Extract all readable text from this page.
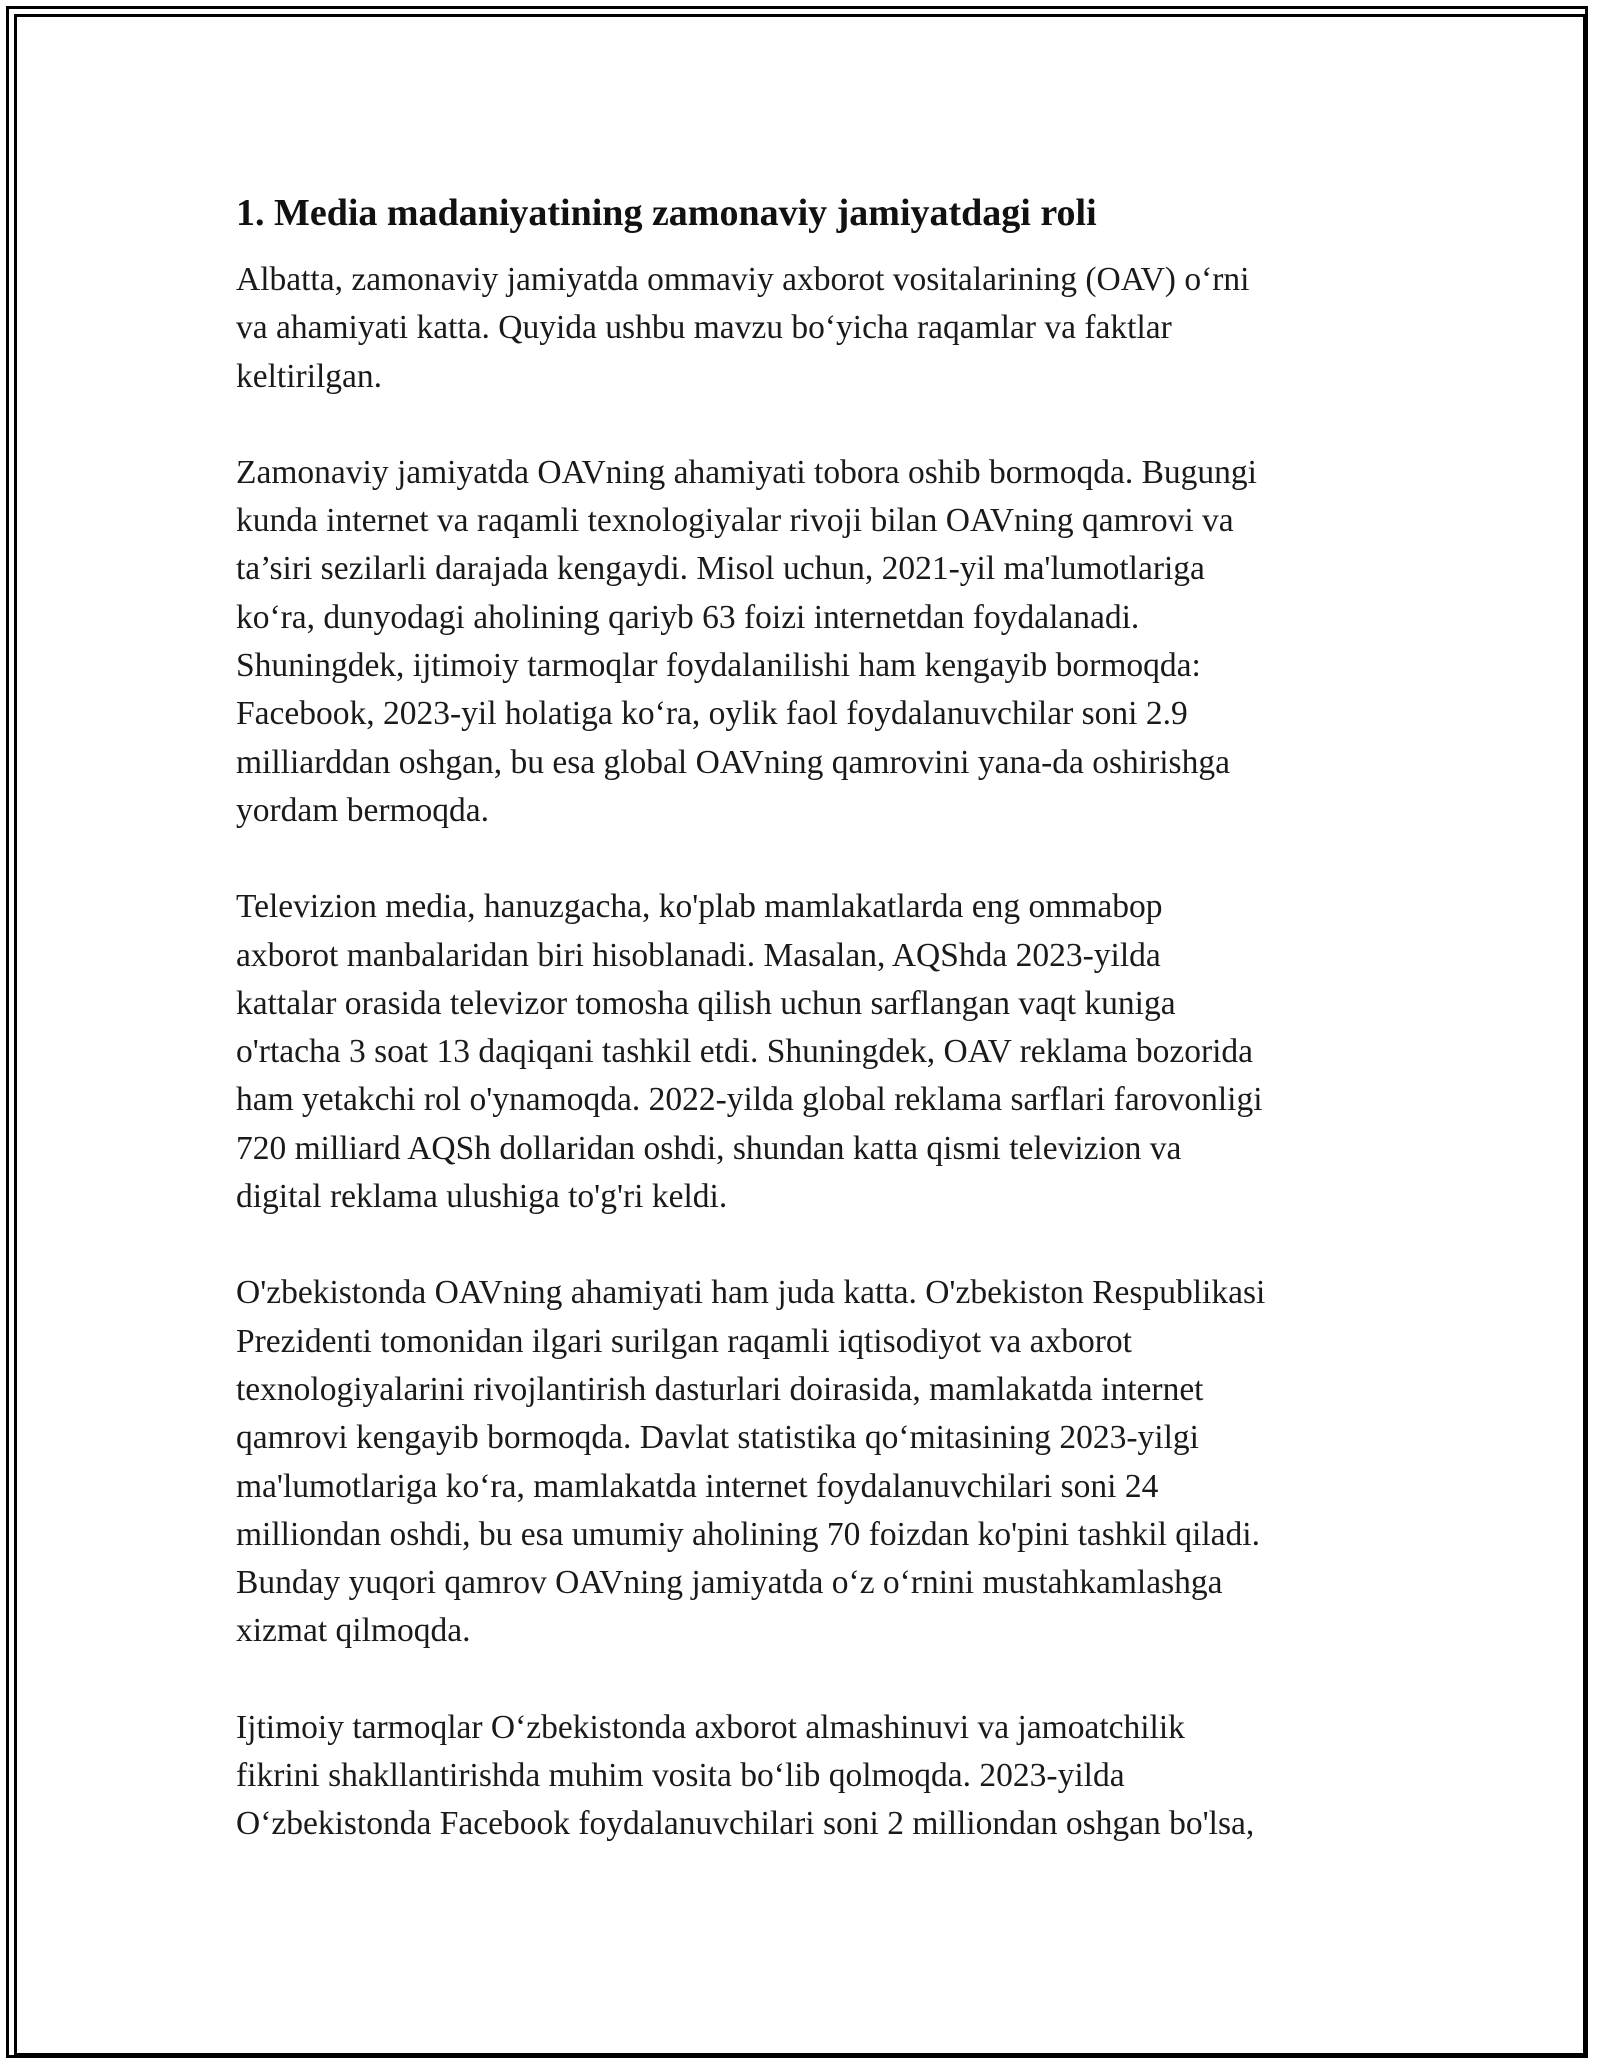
1. Media madaniyatining zamonaviy jamiyatdagi roli
Albatta, zamonaviy jamiyatda ommaviy axborot vositalarining (OAV) o‘rni
va ahamiyati katta. Quyida ushbu mavzu bo‘yicha raqamlar va faktlar
keltirilgan.
Zamonaviy jamiyatda OAVning ahamiyati tobora oshib bormoqda. Bugungi
kunda internet va raqamli texnologiyalar rivoji bilan OAVning qamrovi va
ta’siri sezilarli darajada kengaydi. Misol uchun, 2021-yil ma'lumotlariga
ko‘ra, dunyodagi aholining qariyb 63 foizi internetdan foydalanadi.
Shuningdek, ijtimoiy tarmoqlar foydalanilishi ham kengayib bormoqda:
Facebook, 2023-yil holatiga ko‘ra, oylik faol foydalanuvchilar soni 2.9
milliarddan oshgan, bu esa global OAVning qamrovini yana-da oshirishga
yordam bermoqda.
Televizion media, hanuzgacha, ko'plab mamlakatlarda eng ommabop
axborot manbalaridan biri hisoblanadi. Masalan, AQShda 2023-yilda
kattalar orasida televizor tomosha qilish uchun sarflangan vaqt kuniga
o'rtacha 3 soat 13 daqiqani tashkil etdi. Shuningdek, OAV reklama bozorida
ham yetakchi rol o'ynamoqda. 2022-yilda global reklama sarflari farovonligi
720 milliard AQSh dollaridan oshdi, shundan katta qismi televizion va
digital reklama ulushiga to'g'ri keldi.
O'zbekistonda OAVning ahamiyati ham juda katta. O'zbekiston Respublikasi
Prezidenti tomonidan ilgari surilgan raqamli iqtisodiyot va axborot
texnologiyalarini rivojlantirish dasturlari doirasida, mamlakatda internet
qamrovi kengayib bormoqda. Davlat statistika qo‘mitasining 2023-yilgi
ma'lumotlariga ko‘ra, mamlakatda internet foydalanuvchilari soni 24
milliondan oshdi, bu esa umumiy aholining 70 foizdan ko'pini tashkil qiladi.
Bunday yuqori qamrov OAVning jamiyatda o‘z o‘rnini mustahkamlashga
xizmat qilmoqda.
Ijtimoiy tarmoqlar O‘zbekistonda axborot almashinuvi va jamoatchilik
fikrini shakllantirishda muhim vosita bo‘lib qolmoqda. 2023-yilda
O‘zbekistonda Facebook foydalanuvchilari soni 2 milliondan oshgan bo'lsa,
